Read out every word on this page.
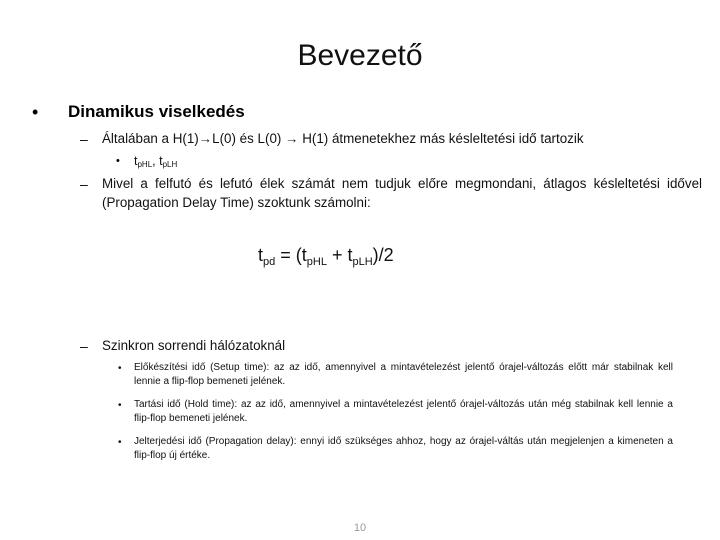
Bevezető
• Dinamikus viselkedés
– Általában a H(1)→L(0) és L(0) → H(1) átmenetekhez más késleltetési idő tartozik
• $t_{pHL}$, $t_{pLH}$
– Mivel a felfutó és lefutó élek számát nem tudjuk előre megmondani, átlagos késleltetési idővel (Propagation Delay Time) szoktunk számolni:
$t_{pd} = (t_{pHL} + t_{pLH})/2$
– Szinkron sorrendi hálózatoknál
• Előkészítési idő (Setup time): az az idő, amennyivel a mintavételezést jelentő órajel-változás előtt már stabilnak kell lennie a flip-flop bemeneti jelének.
• Tartási idő (Hold time): az az idő, amennyivel a mintavételezést jelentő órajel-változás után még stabilnak kell lennie a flip-flop bemeneti jelének.
• Jelterjedési idő (Propagation delay): ennyi idő szükséges ahhoz, hogy az órajel-váltás után megjelenjen a kimeneten a flip-flop új értéke.
10
